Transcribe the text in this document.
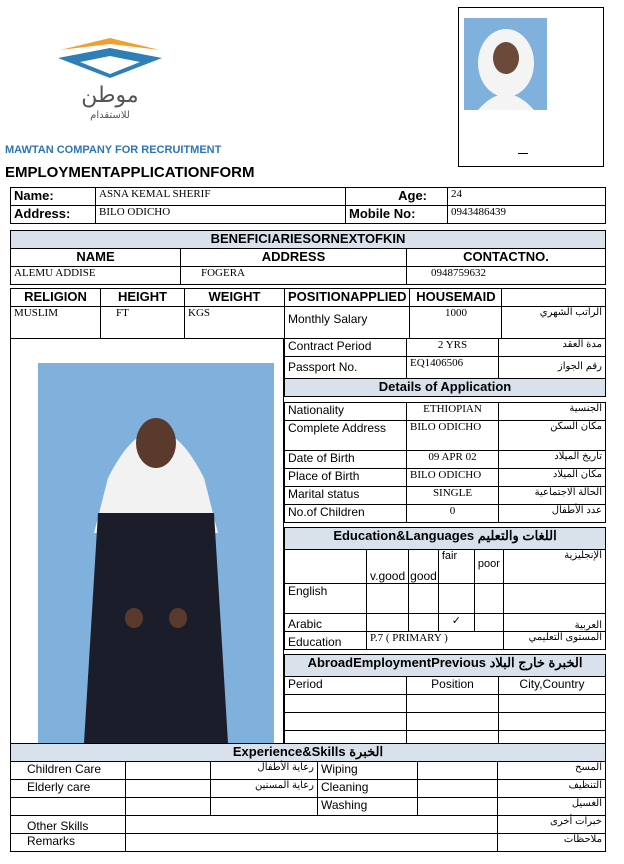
موطن
للاستقدام
MAWTAN COMPANY FOR RECRUITMENT
EMPLOYMENTAPPLICATIONFORM
Name:	ASNA KEMAL SHERIF	Age:	24
Address:	BILO ODICHO	Mobile No:	0943486439
BENEFICIARIESORNEXTOFKIN		
NAME	ADDRESS	CONTACTNO.
ALEMU ADDISE	FOGERA	0948759632
RELIGION	HEIGHT	WEIGHT	POSITIONAPPLIED	HOUSEMAID	
MUSLIM	FT	KGS	Monthly Salary	1000	الراتب الشهري
Contract Period	2 YRS	مدة العقد
Passport No.	EQ1406506	رقم الجواز
Details of Application		
Nationality	ETHIOPIAN	الجنسية
Complete Address	BILO ODICHO	مكان السكن
Date of Birth	09 APR 02	تاريخ الميلاد
Place of Birth	BILO ODICHO	مكان الميلاد
Marital status	SINGLE	الحالة الاجتماعية
No.of Children	0	عدد الأطفال
Education&Languages اللغات والتعليم					
	v.good	good	fair	poor	الإنجليزية
English					
Arabic			✓		العربية
Education	P.7 ( PRIMARY )				المستوى التعليمي
AbroadEmploymentPrevious الخبرة خارج البلاد		
Period	Position	City,Country

Experience&Skills الخبرة					
Children Care		رعاية الأطفال	Wiping		المسح
Elderly care		رعاية المسنين	Cleaning		التنظيف
			Washing		الغسيل
Other Skills					خبرات أخرى
Remarks					ملاحظات
